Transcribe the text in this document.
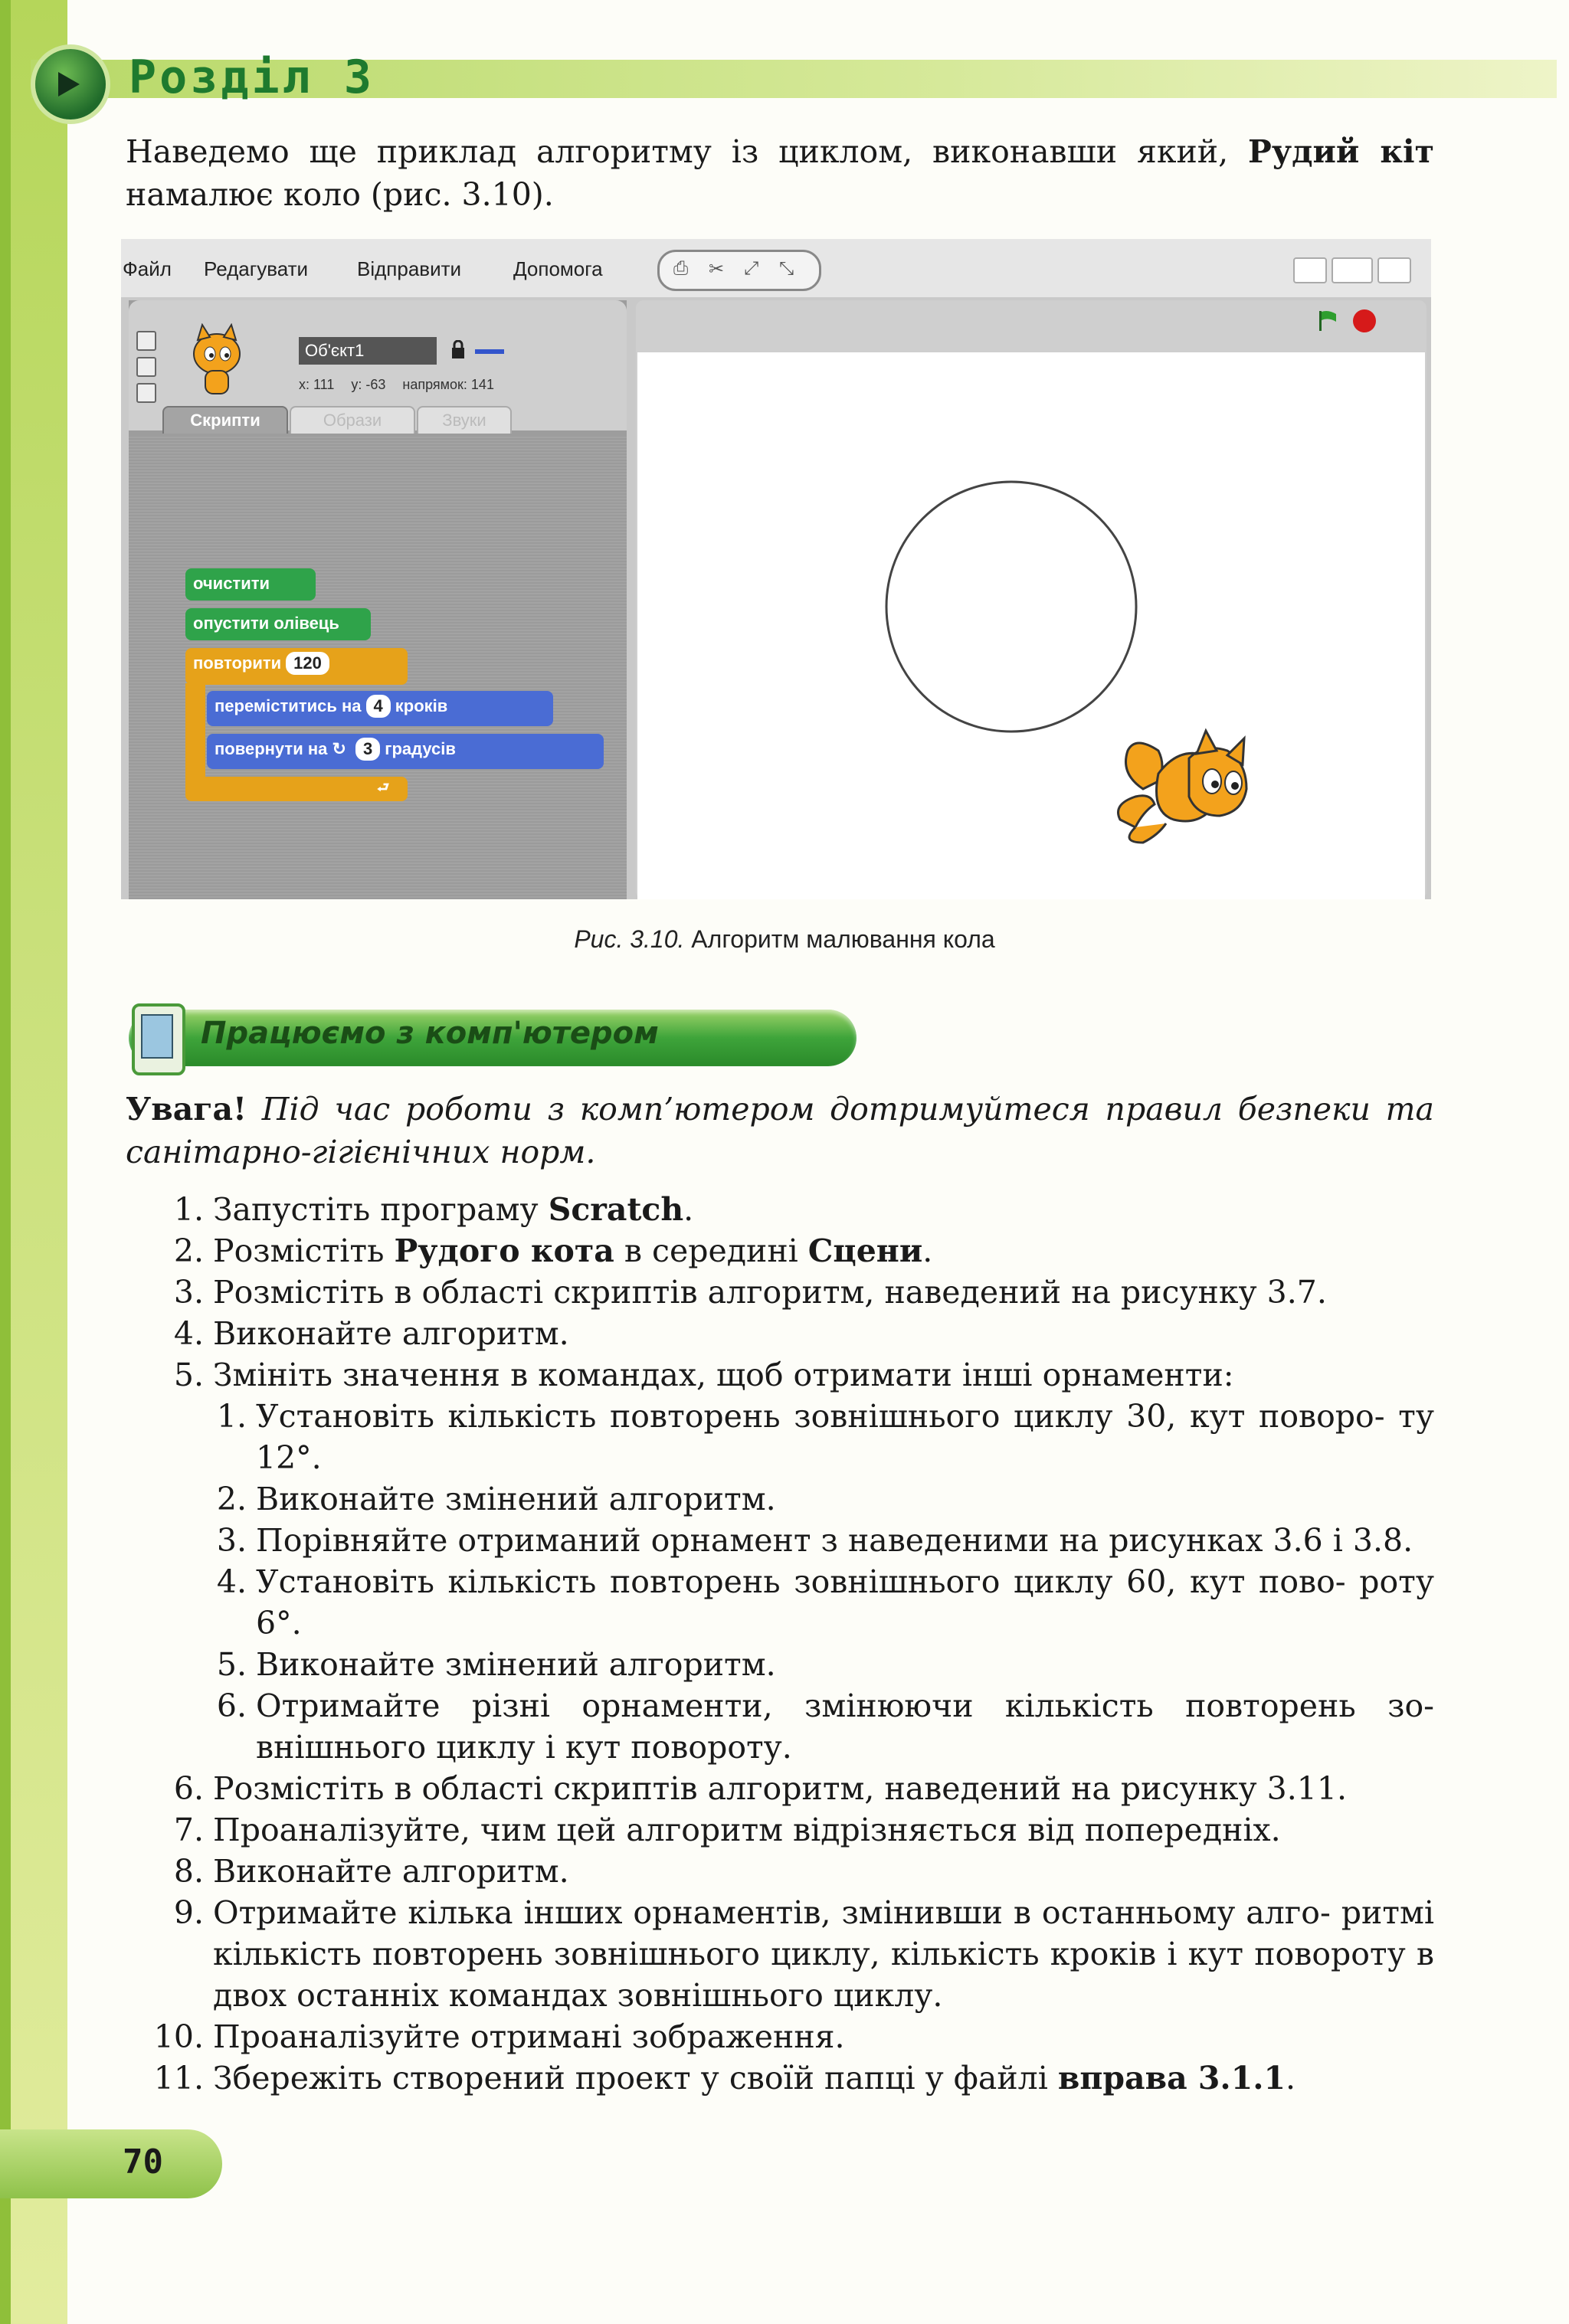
Розділ 3
Наведемо ще приклад алгоритму із циклом, виконавши який, Рудий кіт намалює коло (рис. 3.10).
Файл Редагувати Відправити	Допомога	⎙ ✂ ⤢ ⤡
Об'єкт1
x: 111 y: -63 напрямок: 141
Скрипти	Образи	Звуки
очистити
опустити олівець
повторити 120
переміститись на 4 кроків
повернути на ↻ 3 градусів
⮐
Рис. 3.10. Алгоритм малювання кола
Працюємо з комп'ютером
Увага! Під час роботи з комп’ютером дотримуйтеся правил безпеки та санітарно-гігієнічних норм.
1. Запустіть програму Scratch.
2. Розмістіть Рудого кота в середині Сцени.
3. Розмістіть в області скриптів алгоритм, наведений на рисунку 3.7.
4. Виконайте алгоритм.
5. Змініть значення в командах, щоб отримати інші орнаменти:
1. Установіть кількість повторень зовнішнього циклу 30, кут поворо- ту 12°.
2. Виконайте змінений алгоритм.
3. Порівняйте отриманий орнамент з наведеними на рисунках 3.6 і 3.8.
4. Установіть кількість повторень зовнішнього циклу 60, кут пово- роту 6°.
5. Виконайте змінений алгоритм.
6. Отримайте різні орнаменти, змінюючи кількість повторень зо- внішнього циклу і кут повороту.
6. Розмістіть в області скриптів алгоритм, наведений на рисунку 3.11.
7. Проаналізуйте, чим цей алгоритм відрізняється від попередніх.
8. Виконайте алгоритм.
9. Отримайте кілька інших орнаментів, змінивши в останньому алго- ритмі кількість повторень зовнішнього циклу, кількість кроків і кут повороту в двох останніх командах зовнішнього циклу.
10. Проаналізуйте отримані зображення.
11. Збережіть створений проект у своїй папці у файлі вправа 3.1.1.
70
